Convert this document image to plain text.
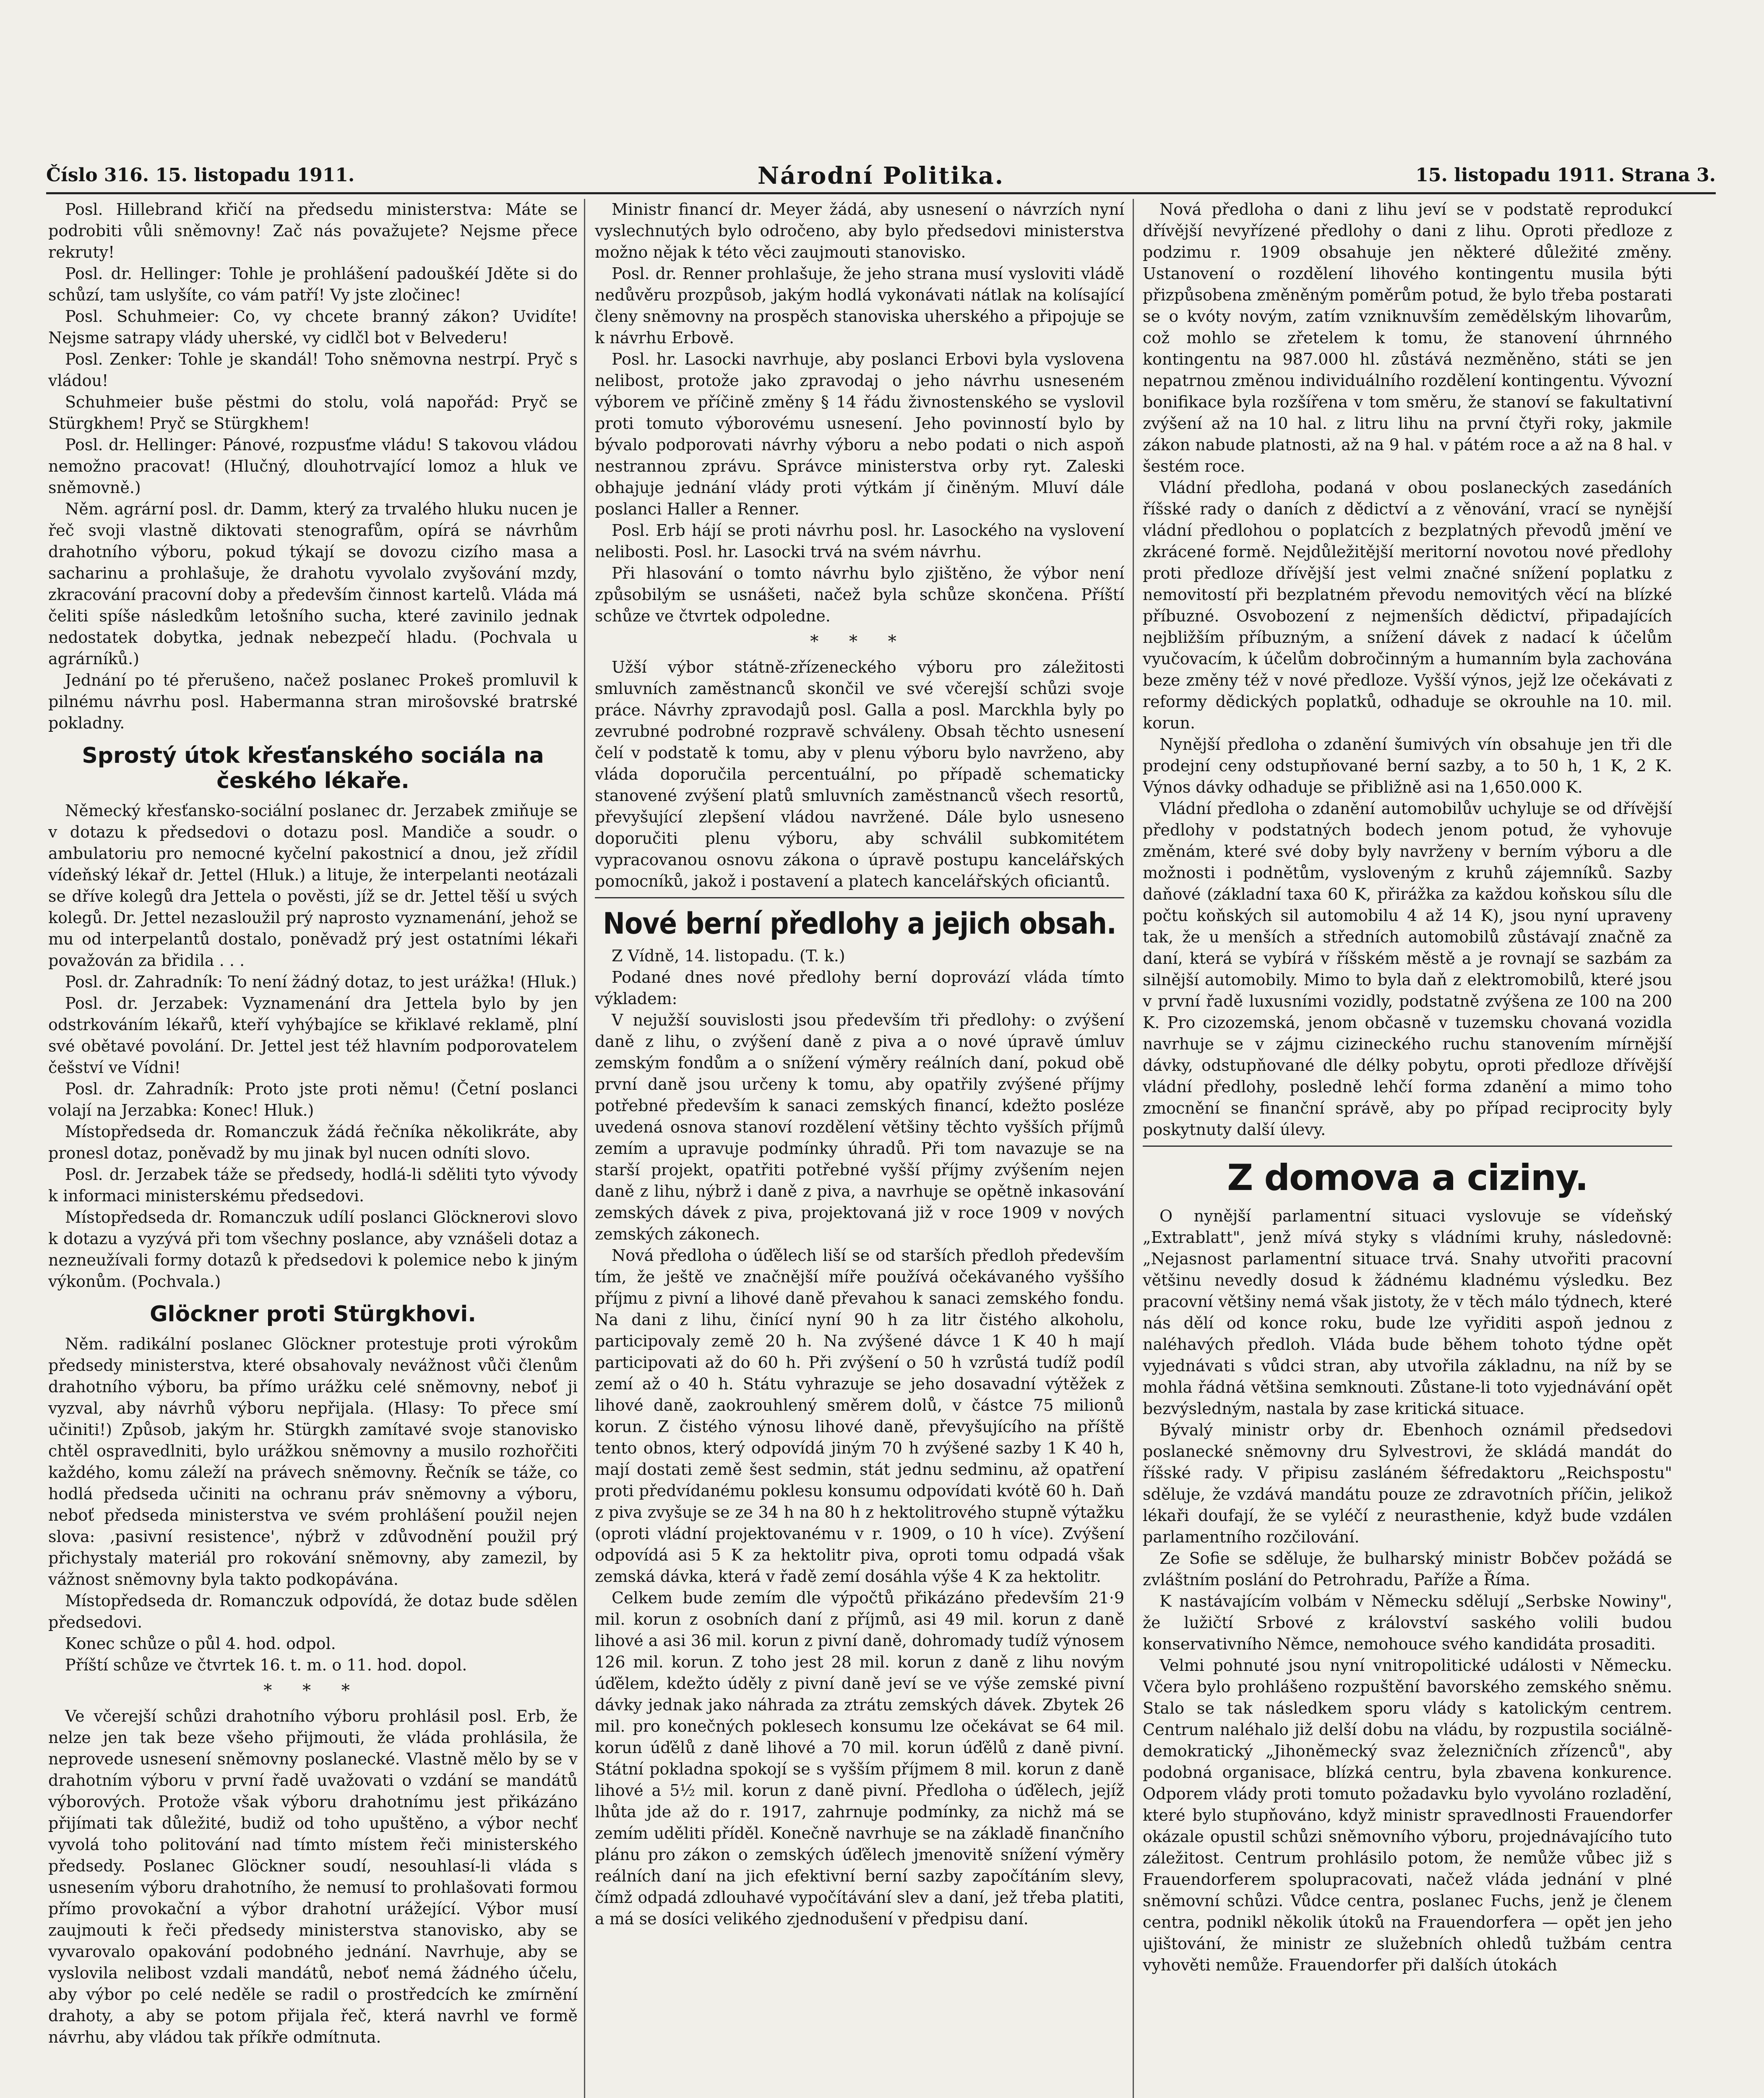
Číslo 316. 15. listopadu 1911.	Národní Politika.	15. listopadu 1911. Strana 3.

Posl. Hillebrand křičí na předsedu ministerstva: Máte se podrobiti vůli sněmovny! Zač nás považujete? Nejsme přece rekruty!

Posl. dr. Hellinger: Tohle je prohlášení padouškéí Jděte si do schůzí, tam uslyšíte, co vám patří! Vy jste zločinec!

Posl. Schuhmeier: Co, vy chcete branný zákon? Uvidíte! Nejsme satrapy vlády uherské, vy cidlčl bot v Belvederu!

Posl. Zenker: Tohle je skandál! Toho sněmovna nestrpí. Pryč s vládou!

Schuhmeier buše pěstmi do stolu, volá napořád: Pryč se Stürgkhem! Pryč se Stürgkhem!

Posl. dr. Hellinger: Pánové, rozpusťme vládu! S takovou vládou nemožno pracovat! (Hlučný, dlouhotrvající lomoz a hluk ve sněmovně.)

Něm. agrární posl. dr. Damm, který za trvalého hluku nucen je řeč svoji vlastně diktovati stenografům, opírá se návrhům drahotního výboru, pokud týkají se dovozu cizího masa a sacharinu a prohlašuje, že drahotu vyvolalo zvyšování mzdy, zkracování pracovní doby a především činnost kartelů. Vláda má čeliti spíše následkům letošního sucha, které zavinilo jednak nedostatek dobytka, jednak nebezpečí hladu. (Pochvala u agrárníků.)

Jednání po té přerušeno, načež poslanec Prokeš promluvil k pilnému návrhu posl. Habermanna stran mirošovské bratrské pokladny.

Sprostý útok křesťanského sociála na českého lékaře.

Německý křesťansko-sociální poslanec dr. Jerzabek zmiňuje se v dotazu k předsedovi o dotazu posl. Mandiče a soudr. o ambulatoriu pro nemocné kyčelní pakostnicí a dnou, jež zřídil vídeňský lékař dr. Jettel (Hluk.) a lituje, že interpelanti neotázali se dříve kolegů dra Jettela o pověsti, jíž se dr. Jettel těší u svých kolegů. Dr. Jettel nezasloužil prý naprosto vyznamenání, jehož se mu od interpelantů dostalo, poněvadž prý jest ostatními lékaři považován za břidila . . .

Posl. dr. Zahradník: To není žádný dotaz, to jest urážka! (Hluk.)

Posl. dr. Jerzabek: Vyznamenání dra Jettela bylo by jen odstrkováním lékařů, kteří vyhýbajíce se křiklavé reklamě, plní své obětavé povolání. Dr. Jettel jest též hlavním podporovatelem češství ve Vídni!

Posl. dr. Zahradník: Proto jste proti němu! (Četní poslanci volají na Jerzabka: Konec! Hluk.)

Místopředseda dr. Romanczuk žádá řečníka několikráte, aby pronesl dotaz, poněvadž by mu jinak byl nucen odníti slovo.

Posl. dr. Jerzabek táže se předsedy, hodlá-li sděliti tyto vývody k informaci ministerskému předsedovi.

Místopředseda dr. Romanczuk udílí poslanci Glöcknerovi slovo k dotazu a vyzývá při tom všechny poslance, aby vznášeli dotaz a nezneužívali formy dotazů k předsedovi k polemice nebo k jiným výkonům. (Pochvala.)

Glöckner proti Stürgkhovi.

Něm. radikální poslanec Glöckner protestuje proti výrokům předsedy ministerstva, které obsahovaly nevážnost vůči členům drahotního výboru, ba přímo urážku celé sněmovny, neboť ji vyzval, aby návrhů výboru nepřijala. (Hlasy: To přece smí učiniti!) Způsob, jakým hr. Stürgkh zamítavé svoje stanovisko chtěl ospravedlniti, bylo urážkou sněmovny a musilo rozhořčiti každého, komu záleží na právech sněmovny. Řečník se táže, co hodlá předseda učiniti na ochranu práv sněmovny a výboru, neboť předseda ministerstva ve svém prohlášení použil nejen slova: ,pasivní resistence', nýbrž v zdůvodnění použil prý přichystaly materiál pro rokování sněmovny, aby zamezil, by vážnost sněmovny byla takto podkopávána.

Místopředseda dr. Romanczuk odpovídá, že dotaz bude sdělen předsedovi.

Konec schůze o půl 4. hod. odpol.

Příští schůze ve čtvrtek 16. t. m. o 11. hod. dopol.

* * *

Ve včerejší schůzi drahotního výboru prohlásil posl. Erb, že nelze jen tak beze všeho přijmouti, že vláda prohlásila, že neprovede usnesení sněmovny poslanecké. Vlastně mělo by se v drahotním výboru v první řadě uvažovati o vzdání se mandátů výborových. Protože však výboru drahotnímu jest přikázáno přijímati tak důležité, budiž od toho upuštěno, a výbor nechť vyvolá toho politování nad tímto místem řeči ministerského předsedy. Poslanec Glöckner soudí, nesouhlasí-li vláda s usnesením výboru drahotního, že nemusí to prohlašovati formou přímo provokační a výbor drahotní urážející. Výbor musí zaujmouti k řeči předsedy ministerstva stanovisko, aby se vyvarovalo opakování podobného jednání. Navrhuje, aby se vyslovila nelibost vzdali mandátů, neboť nemá žádného účelu, aby výbor po celé neděle se radil o prostředcích ke zmírnění drahoty, a aby se potom přijala řeč, která navrhl ve formě návrhu, aby vládou tak příkře odmítnuta.

Ministr financí dr. Meyer žádá, aby usnesení o návrzích nyní vyslechnutých bylo odročeno, aby bylo předsedovi ministerstva možno nějak k této věci zaujmouti stanovisko.

Posl. dr. Renner prohlašuje, že jeho strana musí vysloviti vládě nedůvěru prozpůsob, jakým hodlá vykonávati nátlak na kolísající členy sněmovny na prospěch stanoviska uherského a připojuje se k návrhu Erbově.

Posl. hr. Lasocki navrhuje, aby poslanci Erbovi byla vyslovena nelibost, protože jako zpravodaj o jeho návrhu usneseném výborem ve příčině změny § 14 řádu živnostenského se vyslovil proti tomuto výborovému usnesení. Jeho povinností bylo by bývalo podporovati návrhy výboru a nebo podati o nich aspoň nestrannou zprávu. Správce ministerstva orby ryt. Zaleski obhajuje jednání vlády proti výtkám jí činěným. Mluví dále poslanci Haller a Renner.

Posl. Erb hájí se proti návrhu posl. hr. Lasockého na vyslovení nelibosti. Posl. hr. Lasocki trvá na svém návrhu.

Při hlasování o tomto návrhu bylo zjištěno, že výbor není způsobilým se usnášeti, načež byla schůze skončena. Příští schůze ve čtvrtek odpoledne.

* * *

Užší výbor státně-zřízeneckého výboru pro záležitosti smluvních zaměstnanců skončil ve své včerejší schůzi svoje práce. Návrhy zpravodajů posl. Galla a posl. Marckhla byly po zevrubné podrobné rozpravě schváleny. Obsah těchto usnesení čelí v podstatě k tomu, aby v plenu výboru bylo navrženo, aby vláda doporučila percentuální, po případě schematicky stanovené zvýšení platů smluvních zaměstnanců všech resortů, převyšující zlepšení vládou navržené. Dále bylo usneseno doporučiti plenu výboru, aby schválil subkomitétem vypracovanou osnovu zákona o úpravě postupu kancelářských pomocníků, jakož i postavení a platech kancelářských oficiantů.

Nové berní předlohy a jejich obsah.

Z Vídně, 14. listopadu. (T. k.)

Podané dnes nové předlohy berní doprovází vláda tímto výkladem:

V nejužší souvislosti jsou především tři předlohy: o zvýšení daně z lihu, o zvýšení daně z piva a o nové úpravě úmluv zemským fondům a o snížení výměry reálních daní, pokud obě první daně jsou určeny k tomu, aby opatřily zvýšené příjmy potřebné především k sanaci zemských financí, kdežto posléze uvedená osnova stanoví rozdělení většiny těchto vyšších příjmů zemím a upravuje podmínky úhradů. Při tom navazuje se na starší projekt, opatřiti potřebné vyšší příjmy zvýšením nejen daně z lihu, nýbrž i daně z piva, a navrhuje se opětně inkasování zemských dávek z piva, projektovaná již v roce 1909 v nových zemských zákonech.

Nová předloha o úďělech liší se od starších předloh především tím, že ještě ve značnější míře používá očekávaného vyššího příjmu z pivní a lihové daně převahou k sanaci zemského fondu. Na dani z lihu, činící nyní 90 h za litr čistého alkoholu, participovaly země 20 h. Na zvýšené dávce 1 K 40 h mají participovati až do 60 h. Při zvýšení o 50 h vzrůstá tudíž podíl zemí až o 40 h. Státu vyhrazuje se jeho dosavadní výtěžek z lihové daně, zaokrouhlený směrem dolů, v částce 75 milionů korun. Z čistého výnosu lihové daně, převyšujícího na příště tento obnos, který odpovídá jiným 70 h zvýšené sazby 1 K 40 h, mají dostati země šest sedmin, stát jednu sedminu, až opatření proti předvídanému poklesu konsumu odpovídati kvótě 60 h. Daň z piva zvyšuje se ze 34 h na 80 h z hektolitrového stupně výtažku (oproti vládní projektovanému v r. 1909, o 10 h více). Zvýšení odpovídá asi 5 K za hektolitr piva, oproti tomu odpadá však zemská dávka, která v řadě zemí dosáhla výše 4 K za hektolitr.

Celkem bude zemím dle výpočtů přikázáno především 21·9 mil. korun z osobních daní z příjmů, asi 49 mil. korun z daně lihové a asi 36 mil. korun z pivní daně, dohromady tudíž výnosem 126 mil. korun. Z toho jest 28 mil. korun z daně z lihu novým úďělem, kdežto úděly z pivní daně jeví se ve výše zemské pivní dávky jednak jako náhrada za ztrátu zemských dávek. Zbytek 26 mil. pro konečných poklesech konsumu lze očekávat se 64 mil. korun úďělů z daně lihové a 70 mil. korun úďělů z daně pivní. Státní pokladna spokojí se s vyšším příjmem 8 mil. korun z daně lihové a 5½ mil. korun z daně pivní. Předloha o úďělech, jejíž lhůta jde až do r. 1917, zahrnuje podmínky, za nichž má se zemím uděliti příděl. Konečně navrhuje se na základě finančního plánu pro zákon o zemských úďělech jmenovitě snížení výměry reálních daní na jich efektivní berní sazby započítáním slevy, čímž odpadá zdlouhavé vypočítávání slev a daní, jež třeba platiti, a má se dosíci velikého zjednodušení v předpisu daní.

Nová předloha o dani z lihu jeví se v podstatě reprodukcí dřívější nevyřízené předlohy o dani z lihu. Oproti předloze z podzimu r. 1909 obsahuje jen některé důležité změny. Ustanovení o rozdělení lihového kontingentu musila býti přizpůsobena změněným poměrům potud, že bylo třeba postarati se o kvóty novým, zatím vzniknuvším zemědělským lihovarům, což mohlo se zřetelem k tomu, že stanovení úhrnného kontingentu na 987.000 hl. zůstává nezměněno, státi se jen nepatrnou změnou individuálního rozdělení kontingentu. Vývozní bonifikace byla rozšířena v tom směru, že stanoví se fakultativní zvýšení až na 10 hal. z litru lihu na první čtyři roky, jakmile zákon nabude platnosti, až na 9 hal. v pátém roce a až na 8 hal. v šestém roce.

Vládní předloha, podaná v obou poslaneckých zasedáních říšské rady o daních z dědictví a z věnování, vrací se nynější vládní předlohou o poplatcích z bezplatných převodů jmění ve zkrácené formě. Nejdůležitější meritorní novotou nové předlohy proti předloze dřívější jest velmi značné snížení poplatku z nemovitostí při bezplatném převodu nemovitých věcí na blízké příbuzné. Osvobození z nejmenších dědictví, připadajících nejbližším příbuzným, a snížení dávek z nadací k účelům vyučovacím, k účelům dobročinným a humanním byla zachována beze změny též v nové předloze. Vyšší výnos, jejž lze očekávati z reformy dědických poplatků, odhaduje se okrouhle na 10. mil. korun.

Nynější předloha o zdanění šumivých vín obsahuje jen tři dle prodejní ceny odstupňované berní sazby, a to 50 h, 1 K, 2 K. Výnos dávky odhaduje se přibližně asi na 1,650.000 K.

Vládní předloha o zdanění automobilův uchyluje se od dřívější předlohy v podstatných bodech jenom potud, že vyhovuje změnám, které své doby byly navrženy v berním výboru a dle možnosti i podnětům, vysloveným z kruhů zájemníků. Sazby daňové (základní taxa 60 K, přirážka za každou koňskou sílu dle počtu koňských sil automobilu 4 až 14 K), jsou nyní upraveny tak, že u menších a středních automobilů zůstávají značně za daní, která se vybírá v říšském městě a je rovnají se sazbám za silnější automobily. Mimo to byla daň z elektromobilů, které jsou v první řadě luxusními vozidly, podstatně zvýšena ze 100 na 200 K. Pro cizozemská, jenom občasně v tuzemsku chovaná vozidla navrhuje se v zájmu cizineckého ruchu stanovením mírnější dávky, odstupňované dle délky pobytu, oproti předloze dřívější vládní předlohy, posledně lehčí forma zdanění a mimo toho zmocnění se finanční správě, aby po případ reciprocity byly poskytnuty další úlevy.

Z domova a ciziny.

O nynější parlamentní situaci vyslovuje se vídeňský „Extrablatt", jenž mívá styky s vládními kruhy, následovně: „Nejasnost parlamentní situace trvá. Snahy utvořiti pracovní většinu nevedly dosud k žádnému kladnému výsledku. Bez pracovní většiny nemá však jistoty, že v těch málo týdnech, které nás dělí od konce roku, bude lze vyřiditi aspoň jednou z naléhavých předloh. Vláda bude během tohoto týdne opět vyjednávati s vůdci stran, aby utvořila základnu, na níž by se mohla řádná většina semknouti. Zůstane-li toto vyjednávání opět bezvýsledným, nastala by zase kritická situace.

Bývalý ministr orby dr. Ebenhoch oznámil předsedovi poslanecké sněmovny dru Sylvestrovi, že skládá mandát do říšské rady. V připisu zasláném šéfredaktoru „Reichspostu" sděluje, že vzdává mandátu pouze ze zdravotních příčin, jelikož lékaři doufají, že se vyléčí z neurasthenie, když bude vzdálen parlamentního rozčilování.

Ze Sofie se sděluje, že bulharský ministr Bobčev požádá se zvláštním poslání do Petrohradu, Paříže a Říma.

K nastávajícím volbám v Německu sdělují „Serbske Nowiny", že lužičtí Srbové z království saského volili budou konservativního Němce, nemohouce svého kandidáta prosaditi.

Velmi pohnuté jsou nyní vnitropolitické události v Německu. Včera bylo prohlášeno rozpuštění bavorského zemského sněmu. Stalo se tak následkem sporu vlády s katolickým centrem. Centrum naléhalo již delší dobu na vládu, by rozpustila sociálně-demokratický „Jihoněmecký svaz železničních zřízenců", aby podobná organisace, blízká centru, byla zbavena konkurence. Odporem vlády proti tomuto požadavku bylo vyvoláno rozladění, které bylo stupňováno, když ministr spravedlnosti Frauendorfer okázale opustil schůzi sněmovního výboru, projednávajícího tuto záležitost. Centrum prohlásilo potom, že nemůže vůbec již s Frauendorferem spolupracovati, načež vláda jednání v plné sněmovní schůzi. Vůdce centra, poslanec Fuchs, jenž je členem centra, podnikl několik útoků na Frauendorfera — opět jen jeho ujištování, že ministr ze služebních ohledů tužbám centra vyhověti nemůže. Frauendorfer při dalších útokách
